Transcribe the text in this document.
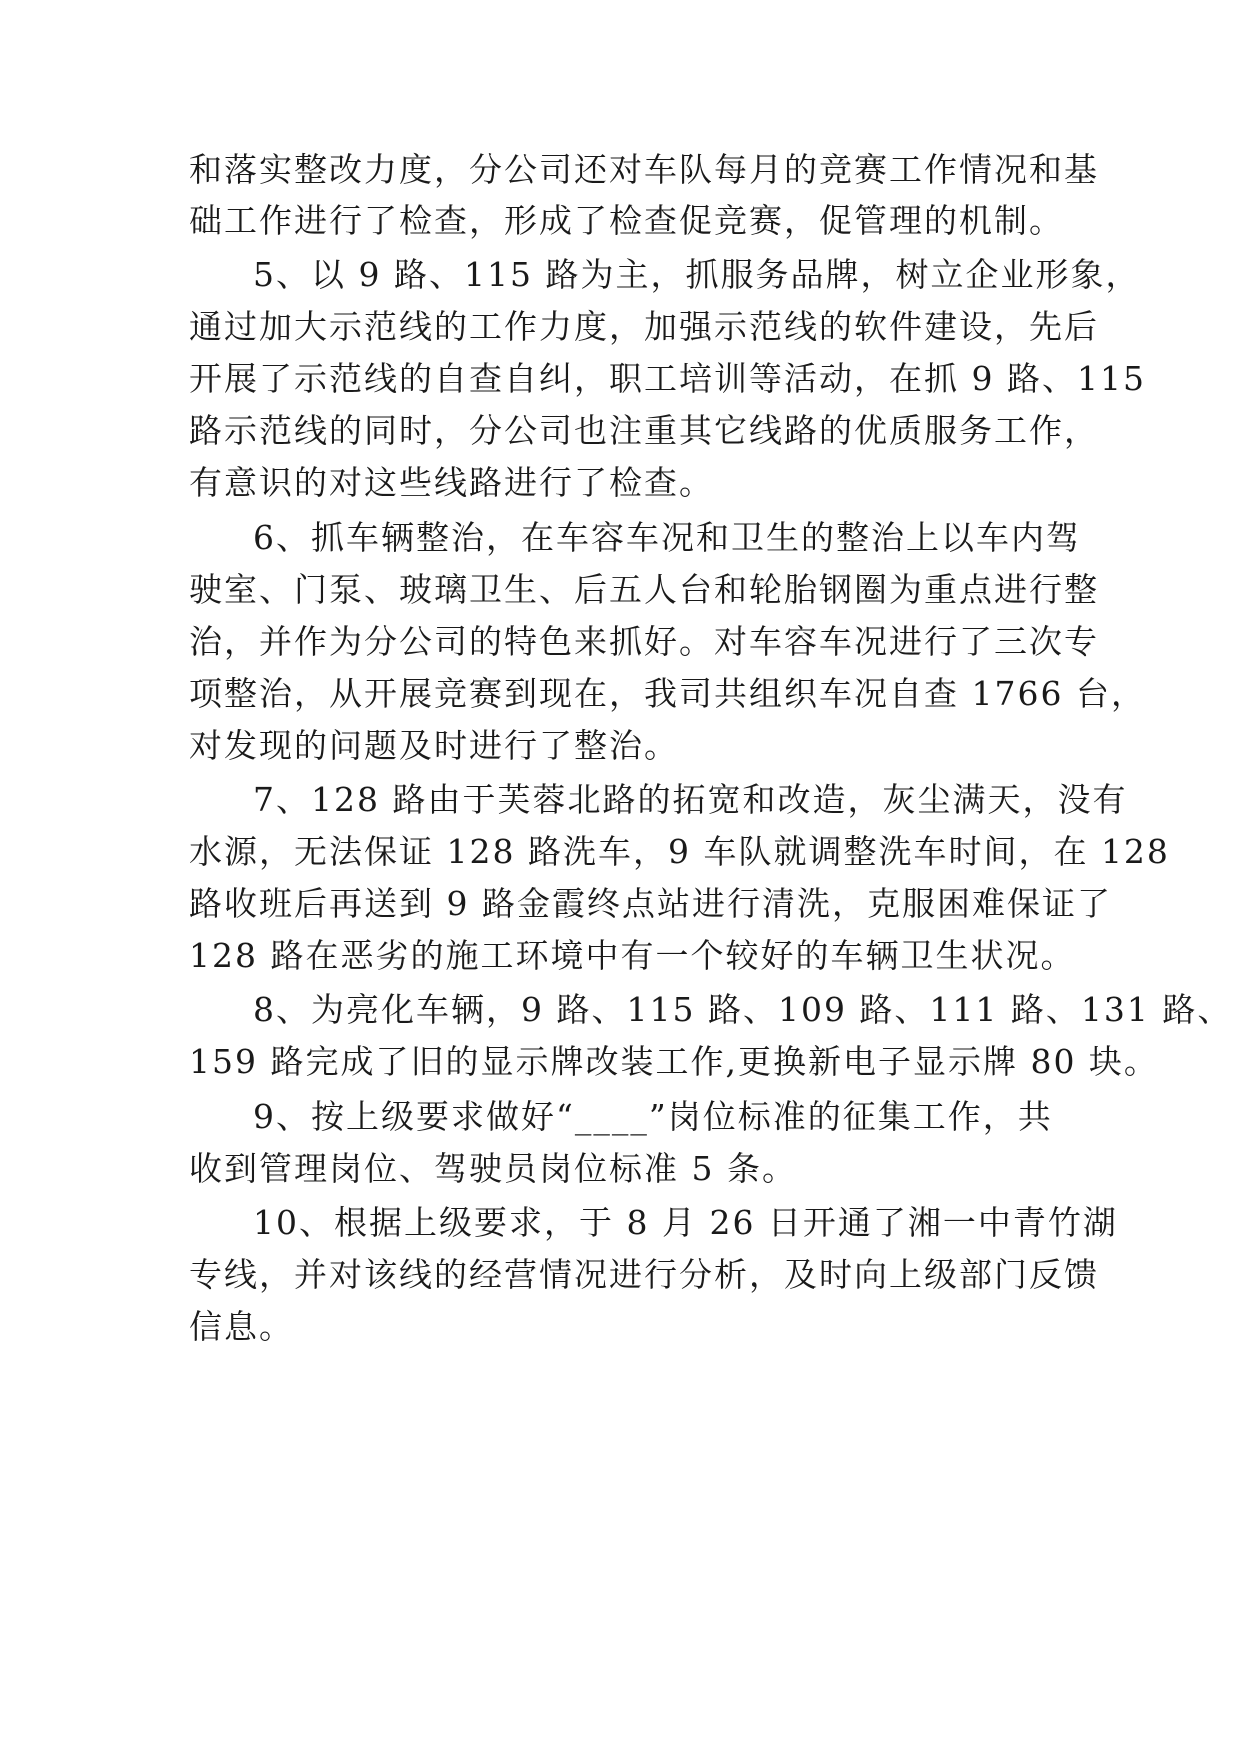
和落实整改力度，分公司还对车队每月的竞赛工作情况和基
础工作进行了检查，形成了检查促竞赛，促管理的机制。
5、以 9 路、115 路为主，抓服务品牌，树立企业形象，
通过加大示范线的工作力度，加强示范线的软件建设，先后
开展了示范线的自查自纠，职工培训等活动，在抓 9 路、115
路示范线的同时，分公司也注重其它线路的优质服务工作，
有意识的对这些线路进行了检查。
6、抓车辆整治，在车容车况和卫生的整治上以车内驾
驶室、门泵、玻璃卫生、后五人台和轮胎钢圈为重点进行整
治，并作为分公司的特色来抓好。对车容车况进行了三次专
项整治，从开展竞赛到现在，我司共组织车况自查 1766 台，
对发现的问题及时进行了整治。
7、128 路由于芙蓉北路的拓宽和改造，灰尘满天，没有
水源，无法保证 128 路洗车，9 车队就调整洗车时间，在 128
路收班后再送到 9 路金霞终点站进行清洗，克服困难保证了
128 路在恶劣的施工环境中有一个较好的车辆卫生状况。
8、为亮化车辆，9 路、115 路、109 路、111 路、131 路、
159 路完成了旧的显示牌改装工作,更换新电子显示牌 80 块。
9、按上级要求做好“____”岗位标准的征集工作，共
收到管理岗位、驾驶员岗位标准 5 条。
10、根据上级要求，于 8 月 26 日开通了湘一中青竹湖
专线，并对该线的经营情况进行分析，及时向上级部门反馈
信息。
